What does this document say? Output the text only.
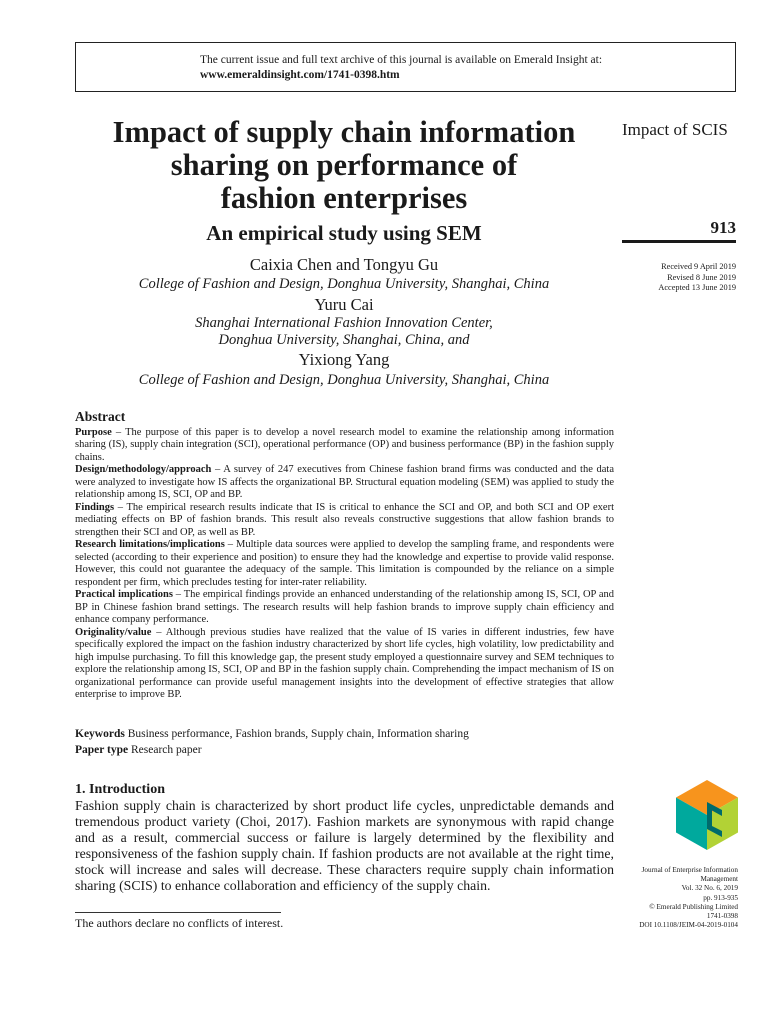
The current issue and full text archive of this journal is available on Emerald Insight at:
www.emeraldinsight.com/1741-0398.htm
Impact of supply chain information
sharing on performance of
fashion enterprises
An empirical study using SEM
Caixia Chen and Tongyu Gu
College of Fashion and Design, Donghua University, Shanghai, China
Yuru Cai
Shanghai International Fashion Innovation Center,
Donghua University, Shanghai, China, and
Yixiong Yang
College of Fashion and Design, Donghua University, Shanghai, China
Impact of SCIS
913
Received 9 April 2019
Revised 8 June 2019
Accepted 13 June 2019
Abstract

Purpose – The purpose of this paper is to develop a novel research model to examine the relationship among information sharing (IS), supply chain integration (SCI), operational performance (OP) and business performance (BP) in the fashion supply chains.

Design/methodology/approach – A survey of 247 executives from Chinese fashion brand firms was conducted and the data were analyzed to investigate how IS affects the organizational BP. Structural equation modeling (SEM) was applied to study the relationship among IS, SCI, OP and BP.

Findings – The empirical research results indicate that IS is critical to enhance the SCI and OP, and both SCI and OP exert mediating effects on BP of fashion brands. This result also reveals constructive suggestions that allow fashion brands to strengthen their SCI and OP, as well as BP.

Research limitations/implications – Multiple data sources were applied to develop the sampling frame, and respondents were selected (according to their experience and position) to ensure they had the knowledge and expertise to provide valid response. However, this could not guarantee the adequacy of the sample. This limitation is compounded by the reliance on a simple respondent per firm, which precludes testing for inter-rater reliability.

Practical implications – The empirical findings provide an enhanced understanding of the relationship among IS, SCI, OP and BP in Chinese fashion brand settings. The research results will help fashion brands to improve supply chain efficiency and enhance company performance.

Originality/value – Although previous studies have realized that the value of IS varies in different industries, few have specifically explored the impact on the fashion industry characterized by short life cycles, high volatility, low predictability and high impulse purchasing. To fill this knowledge gap, the present study employed a questionnaire survey and SEM techniques to explore the relationship among IS, SCI, OP and BP in the fashion supply chain. Comprehending the impact mechanism of IS on organizational performance can provide useful management insights into the development of effective strategies that allow enterprise to improve BP.

Keywords Business performance, Fashion brands, Supply chain, Information sharing
Paper type Research paper
1. Introduction

Fashion supply chain is characterized by short product life cycles, unpredictable demands and tremendous product variety (Choi, 2017). Fashion markets are synonymous with rapid change and as a result, commercial success or failure is largely determined by the flexibility and responsiveness of the fashion supply chain. If fashion products are not available at the right time, stock will increase and sales will decrease. These characters require supply chain information sharing (SCIS) to enhance collaboration and efficiency of the supply chain.

The authors declare no conflicts of interest.
Journal of Enterprise Information
Management
Vol. 32 No. 6, 2019
pp. 913-935
© Emerald Publishing Limited
1741-0398
DOI 10.1108/JEIM-04-2019-0104
